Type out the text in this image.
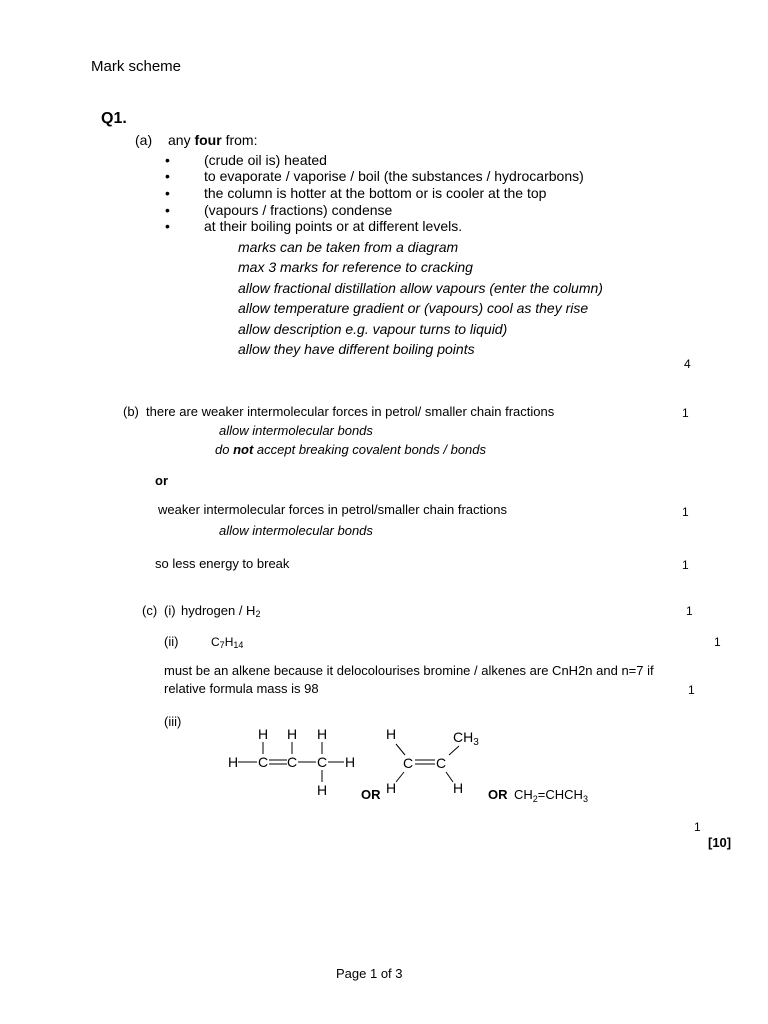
Mark scheme
Q1.
(a) any four from:
• (crude oil is) heated
• to evaporate / vaporise / boil (the substances / hydrocarbons)
• the column is hotter at the bottom or is cooler at the top
• (vapours / fractions) condense
• at their boiling points or at different levels.
marks can be taken from a diagram
max 3 marks for reference to cracking
allow fractional distillation allow vapours (enter the column)
allow temperature gradient or (vapours) cool as they rise
allow description e.g. vapour turns to liquid)
allow they have different boiling points
4
(b) there are weaker intermolecular forces in petrol/ smaller chain fractions	1
allow intermolecular bonds
do not accept breaking covalent bonds / bonds
or
weaker intermolecular forces in petrol/smaller chain fractions	1
allow intermolecular bonds
so less energy to break	1
(c) (i) hydrogen / $H_2$	1
(ii)	$C_7H_{14}$	1
must be an alkene because it delocolourises bromine / alkenes are CnH2n and n=7 if
relative formula mass is 98	1
(iii)
H H H
H C C C H
H	OR
H	$CH_3$
C C
H	H OR $CH_2=CHCH_3$
1
[10]
Page 1 of 3
